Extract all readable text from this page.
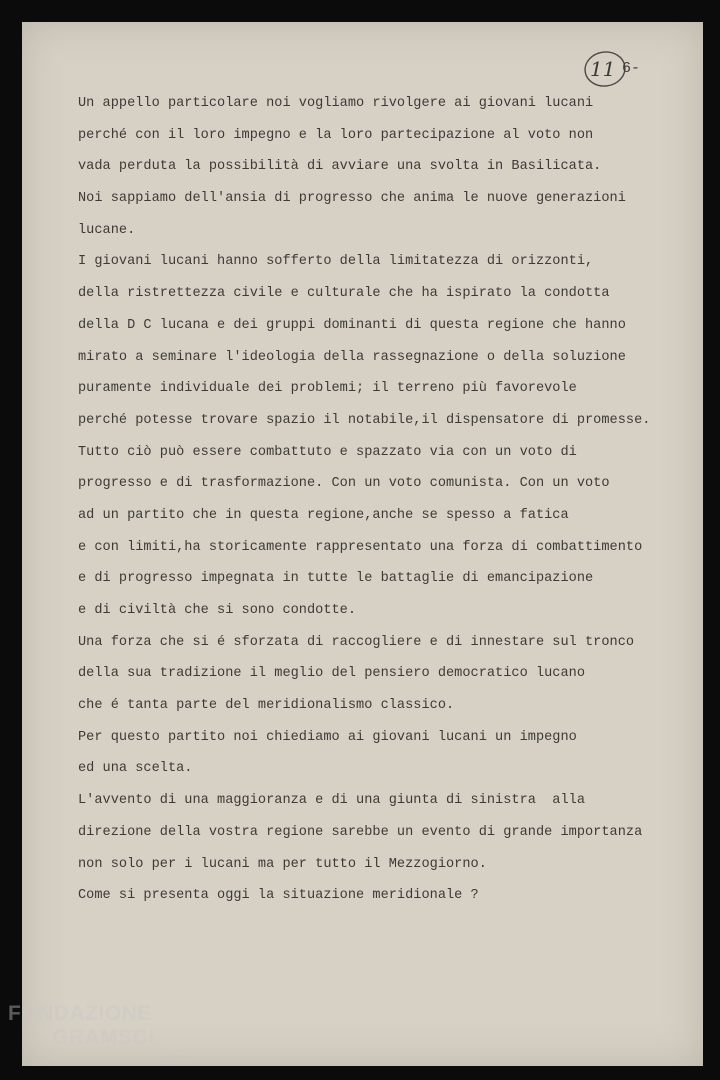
11 6-
Un appello particolare noi vogliamo rivolgere ai giovani lucani
perché con il loro impegno e la loro partecipazione al voto non
vada perduta la possibilità di avviare una svolta in Basilicata.
Noi sappiamo dell'ansia di progresso che anima le nuove generazioni
lucane.
I giovani lucani hanno sofferto della limitatezza di orizzonti,
della ristrettezza civile e culturale che ha ispirato la condotta
della D C lucana e dei gruppi dominanti di questa regione che hanno
mirato a seminare l'ideologia della rassegnazione o della soluzione
puramente individuale dei problemi; il terreno più favorevole
perché potesse trovare spazio il notabile,il dispensatore di promesse.
Tutto ciò può essere combattuto e spazzato via con un voto di
progresso e di trasformazione. Con un voto comunista. Con un voto
ad un partito che in questa regione,anche se spesso a fatica
e con limiti,ha storicamente rappresentato una forza di combattimento
e di progresso impegnata in tutte le battaglie di emancipazione
e di civiltà che si sono condotte.
Una forza che si é sforzata di raccogliere e di innestare sul tronco
della sua tradizione il meglio del pensiero democratico lucano
che é tanta parte del meridionalismo classico.
Per questo partito noi chiediamo ai giovani lucani un impegno
ed una scelta.
L'avvento di una maggioranza e di una giunta di sinistra  alla
direzione della vostra regione sarebbe un evento di grande importanza
non solo per i lucani ma per tutto il Mezzogiorno.
Come si presenta oggi la situazione meridionale ?
FONDAZIONE
GRAMSCI
onlus
